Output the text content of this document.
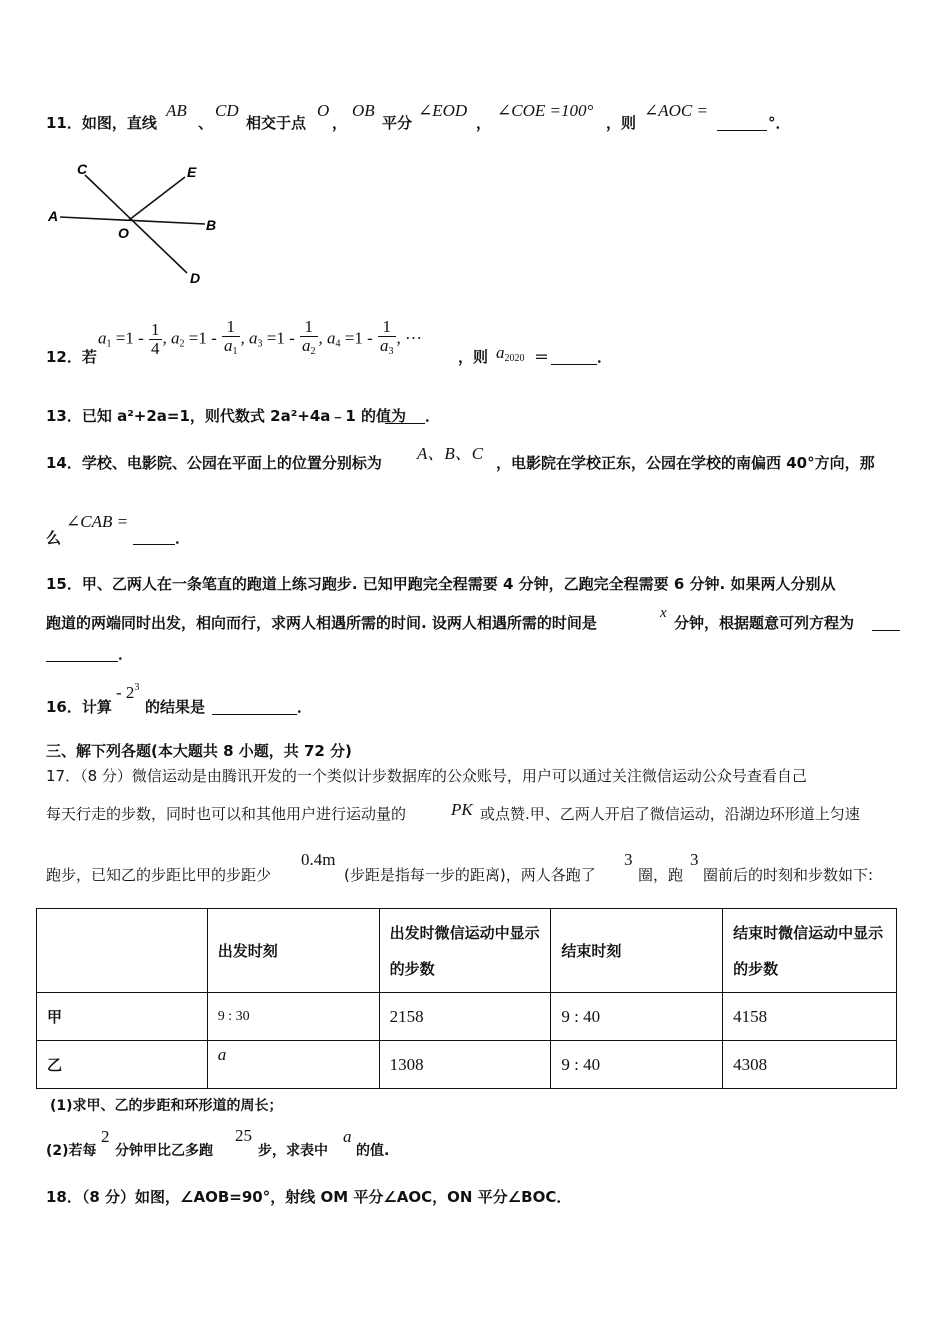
11．如图，直线
AB
、
CD
相交于点
O
，
OB
平分
∠EOD
，
∠COE =100°
，则
∠AOC =
°．
A
B
C
D
E
O
12．若
$a_1 =1 - \frac{1}{4}$ , $a_2 =1 - \frac{1}{a_1}$ , $a_3 =1 - \frac{1}{a_2}$ , $a_4 =1 - \frac{1}{a_3}$ , ···
，则 $a_{2020}$ ＝	．
13．已知 a²+2a=1，则代数式 2a²+4a﹣1 的值为 ．
14．学校、电影院、公园在平面上的位置分别标为 A、B、C ，电影院在学校正东，公园在学校的南偏西 40°方向，那
么
∠CAB =
．
15．甲、乙两人在一条笔直的跑道上练习跑步. 已知甲跑完全程需要 4 分钟，乙跑完全程需要 6 分钟. 如果两人分别从
跑道的两端同时出发，相向而行，求两人相遇所需的时间. 设两人相遇所需的时间是
x
分钟，根据题意可列方程为
．
16．计算
- $2^3$
的结果是	．
三、解下列各题(本大题共 8 小题，共 72 分)
17．（8 分）微信运动是由腾讯开发的一个类似计步数据库的公众账号，用户可以通过关注微信运动公众号查看自己
每天行走的步数，同时也可以和其他用户进行运动量的	PK 或点赞.甲、乙两人开启了微信运动，沿湖边环形道上匀速
跑步，已知乙的步距比甲的步距少
0.4m
(步距是指每一步的距离)，两人各跑了
3
圈，跑
3
圈前后的时刻和步数如下:
	出发时刻	出发时微信运动中显示的步数	结束时刻	结束时微信运动中显示的步数
甲	9 : 30	2158	9 : 40	4158
乙	a	1308	9 : 40	4308
(1)求甲、乙的步距和环形道的周长；
(2)若每
2
分钟甲比乙多跑
25
步，求表中
a
的值.
18．（8 分）如图，∠AOB=90°，射线 OM 平分∠AOC，ON 平分∠BOC．
